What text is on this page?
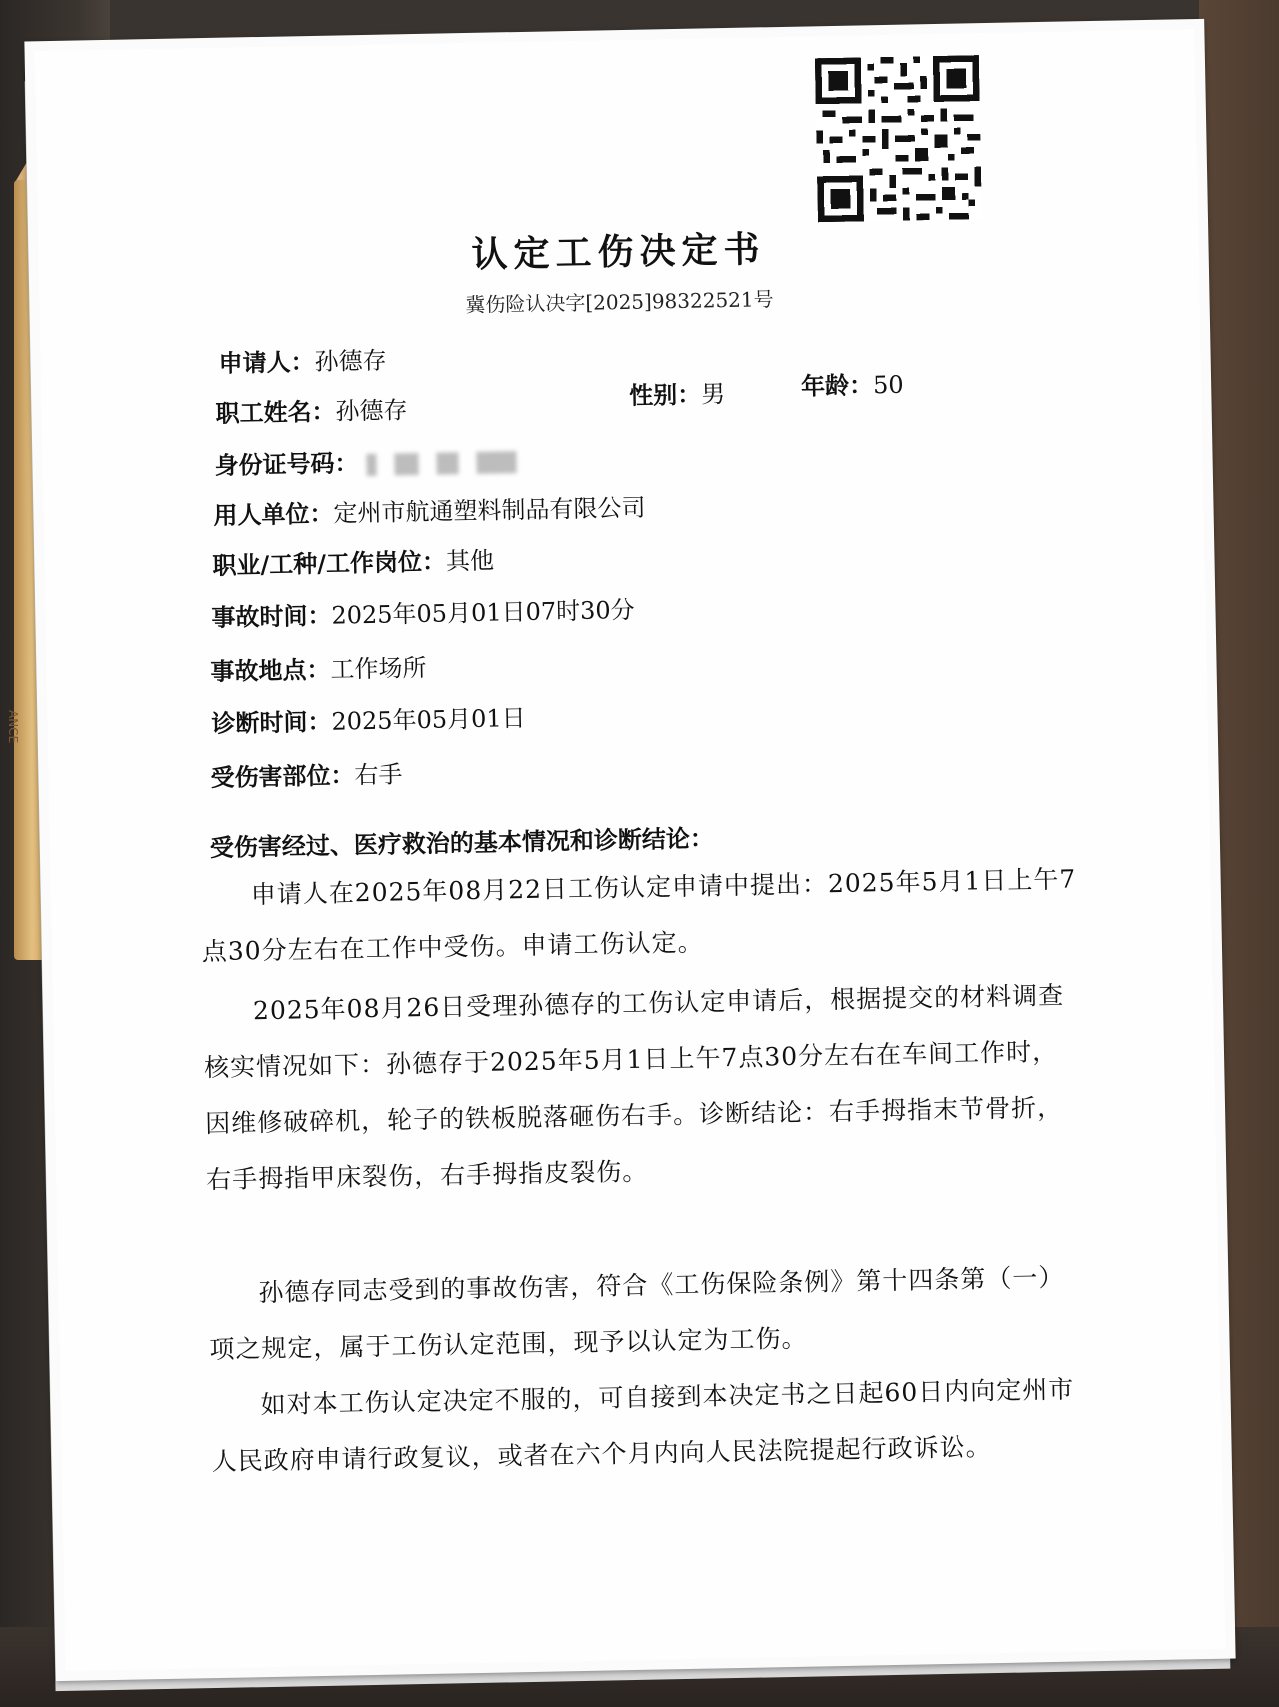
ANCE
认定工伤决定书
冀伤险认决字[2025]98322521号
申请人：孙德存
职工姓名：孙德存
性别：男	年龄：50
身份证号码：
用人单位：定州市航通塑料制品有限公司
职业/工种/工作岗位：其他
事故时间：2025年05月01日07时30分
事故地点：工作场所
诊断时间：2025年05月01日
受伤害部位：右手
受伤害经过、医疗救治的基本情况和诊断结论：
申请人在2025年08月22日工伤认定申请中提出：2025年5月1日上午7点30分左右在工作中受伤。申请工伤认定。
2025年08月26日受理孙德存的工伤认定申请后，根据提交的材料调查核实情况如下：孙德存于2025年5月1日上午7点30分左右在车间工作时，因维修破碎机，轮子的铁板脱落砸伤右手。诊断结论：右手拇指末节骨折，右手拇指甲床裂伤，右手拇指皮裂伤。
孙德存同志受到的事故伤害，符合《工伤保险条例》第十四条第（一）项之规定，属于工伤认定范围，现予以认定为工伤。
如对本工伤认定决定不服的，可自接到本决定书之日起60日内向定州市人民政府申请行政复议，或者在六个月内向人民法院提起行政诉讼。
